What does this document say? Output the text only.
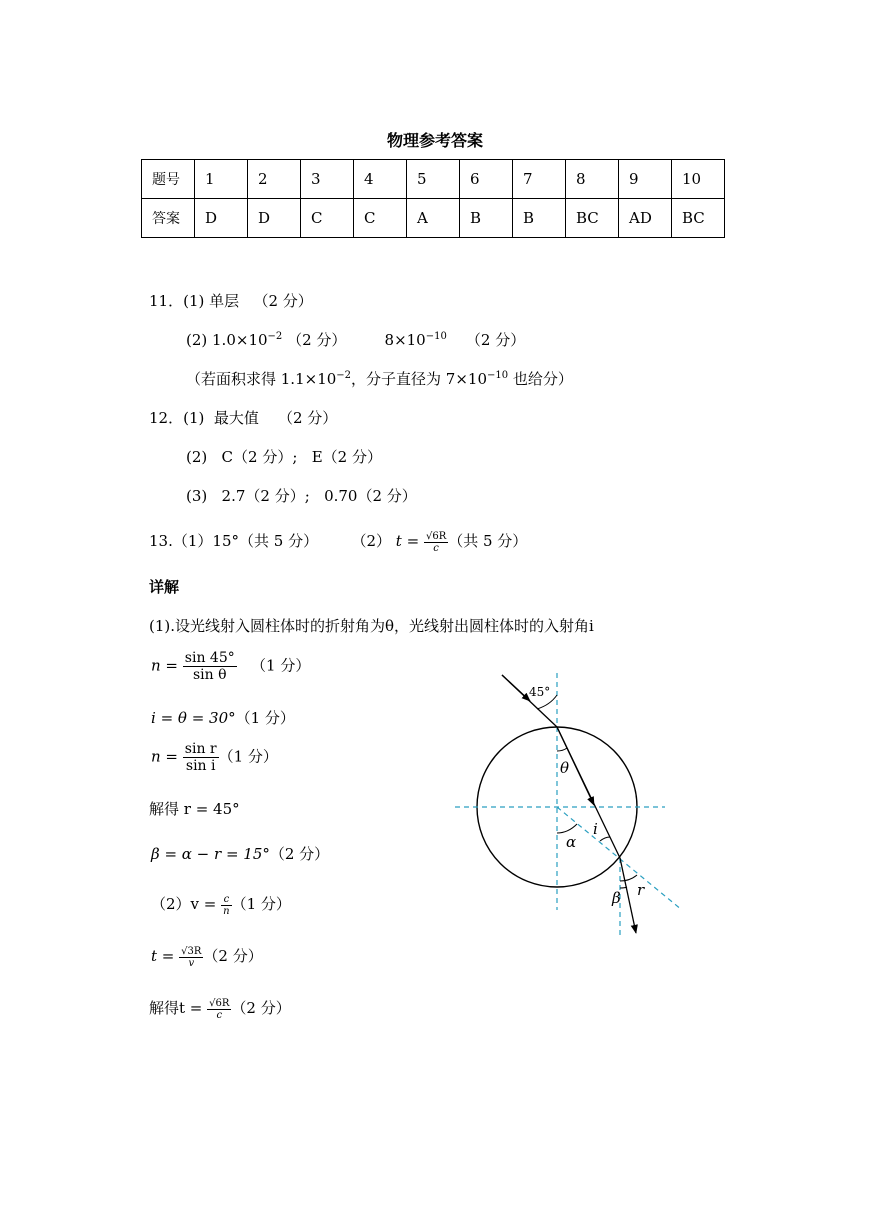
物理参考答案
题号	1	2	3	4	5	6	7	8	9	10
答案	D	D	C	C	A	B	B	BC	AD	BC
11．(1) 单层 （2 分）
(2) $1.0\times 10^{-2}$ （2 分）	$8\times 10^{-10}$ （2 分）
（若面积求得 $1.1\times 10^{-2}$，分子直径为 $7\times 10^{-10}$ 也给分）
12．(1)  最大值    （2 分）
(2)   C（2 分）;   E（2 分）
(3)   2.7（2 分）;   0.70（2 分）
13.（1）15°（共 5 分） （2） $t = \frac{√6R}{c}$ （共 5 分）
详解
(1).设光线射入圆柱体时的折射角为θ，光线射出圆柱体时的入射角i
$n = \frac{\sin 45^\circ}{\text{sin θ}} (1$ 分）
i = θ = 30°（1 分）
$n = \frac{\text{sin r}}{\text{sin i}} (1$ 分）
解得 r = 45°
β = α − r = 15°（2 分）
$(2)v = \frac{c}{n} (1$ 分）
$t = \frac{√3R}{v} (2$ 分）
解得$t = \frac{√6R}{c} (2$ 分）
45°
θ
i
α
β r
